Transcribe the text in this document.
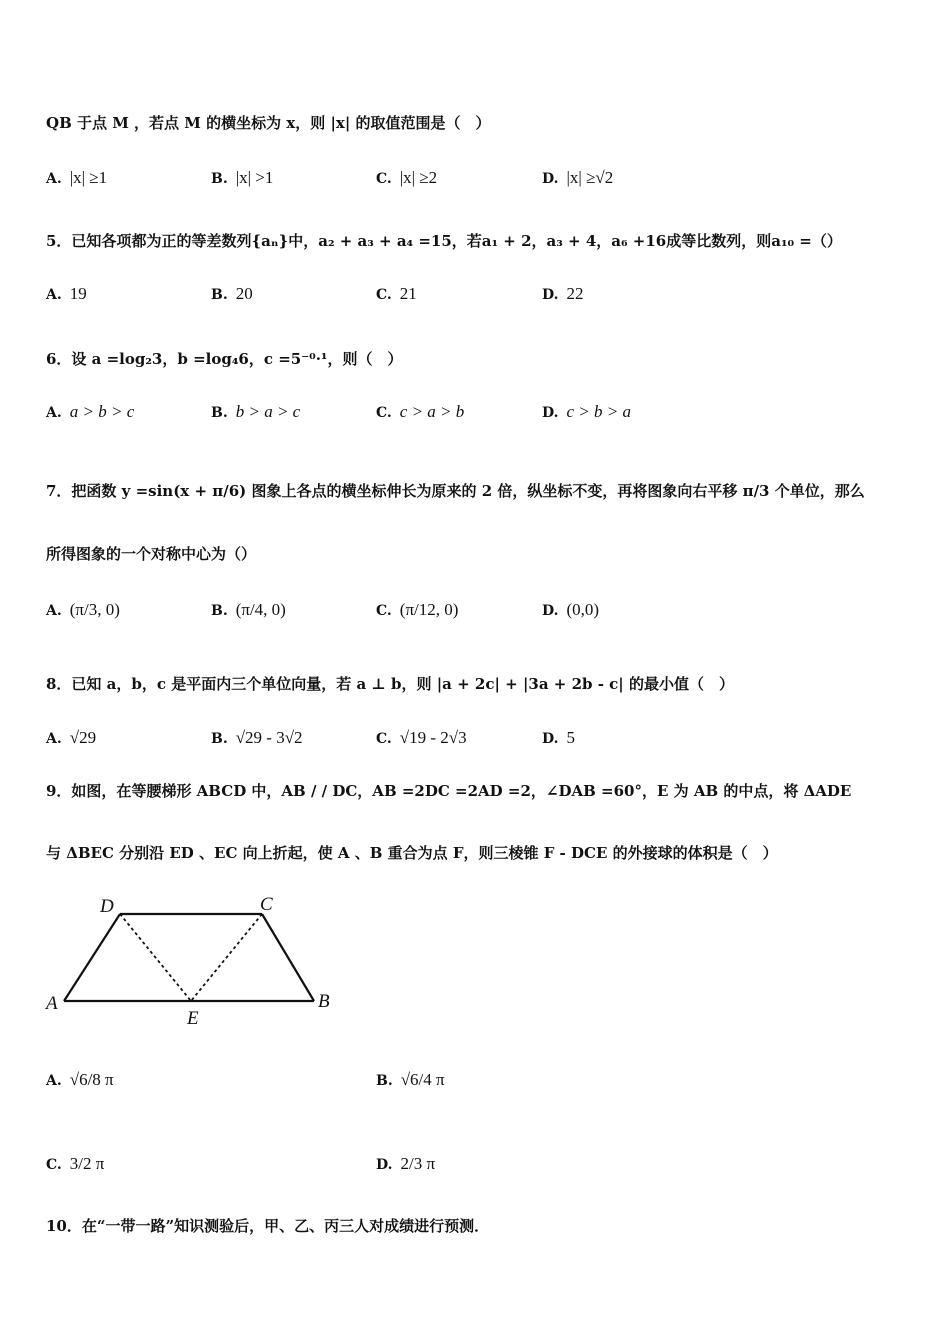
QB 于点 M ，若点 M 的横坐标为 x，则 |x| 的取值范围是（　）
A. |x| ≥1	B. |x| >1	C. |x| ≥2	D. |x| ≥√2
5．已知各项都为正的等差数列{aₙ}中，a₂ + a₃ + a₄ =15，若a₁ + 2，a₃ + 4，a₆ +16成等比数列，则a₁₀ =（）
A. 19	B. 20	C. 21	D. 22
6．设 a =log₂3，b =log₄6，c =5⁻⁰·¹，则（　）
A. a > b > c	B. b > a > c	C. c > a > b	D. c > b > a
7．把函数 y =sin(x + π/6) 图象上各点的横坐标伸长为原来的 2 倍，纵坐标不变，再将图象向右平移 π/3 个单位，那么
所得图象的一个对称中心为（）
A. (π/3, 0)	B. (π/4, 0)	C. (π/12, 0)	D. (0,0)
8．已知 a，b，c 是平面内三个单位向量，若 a ⊥ b，则 |a + 2c| + |3a + 2b - c| 的最小值（　）
A. √29	B. √29 - 3√2	C. √19 - 2√3	D. 5
9．如图，在等腰梯形 ABCD 中，AB / / DC，AB =2DC =2AD =2，∠DAB =60°，E 为 AB 的中点，将 ΔADE
与 ΔBEC 分别沿 ED 、EC 向上折起，使 A 、B 重合为点 F，则三棱锥 F - DCE 的外接球的体积是（　）
D	C
A	B
E
A. √6/8 π	B. √6/4 π
C. 3/2 π	D. 2/3 π
10．在“一带一路”知识测验后，甲、乙、丙三人对成绩进行预测．
